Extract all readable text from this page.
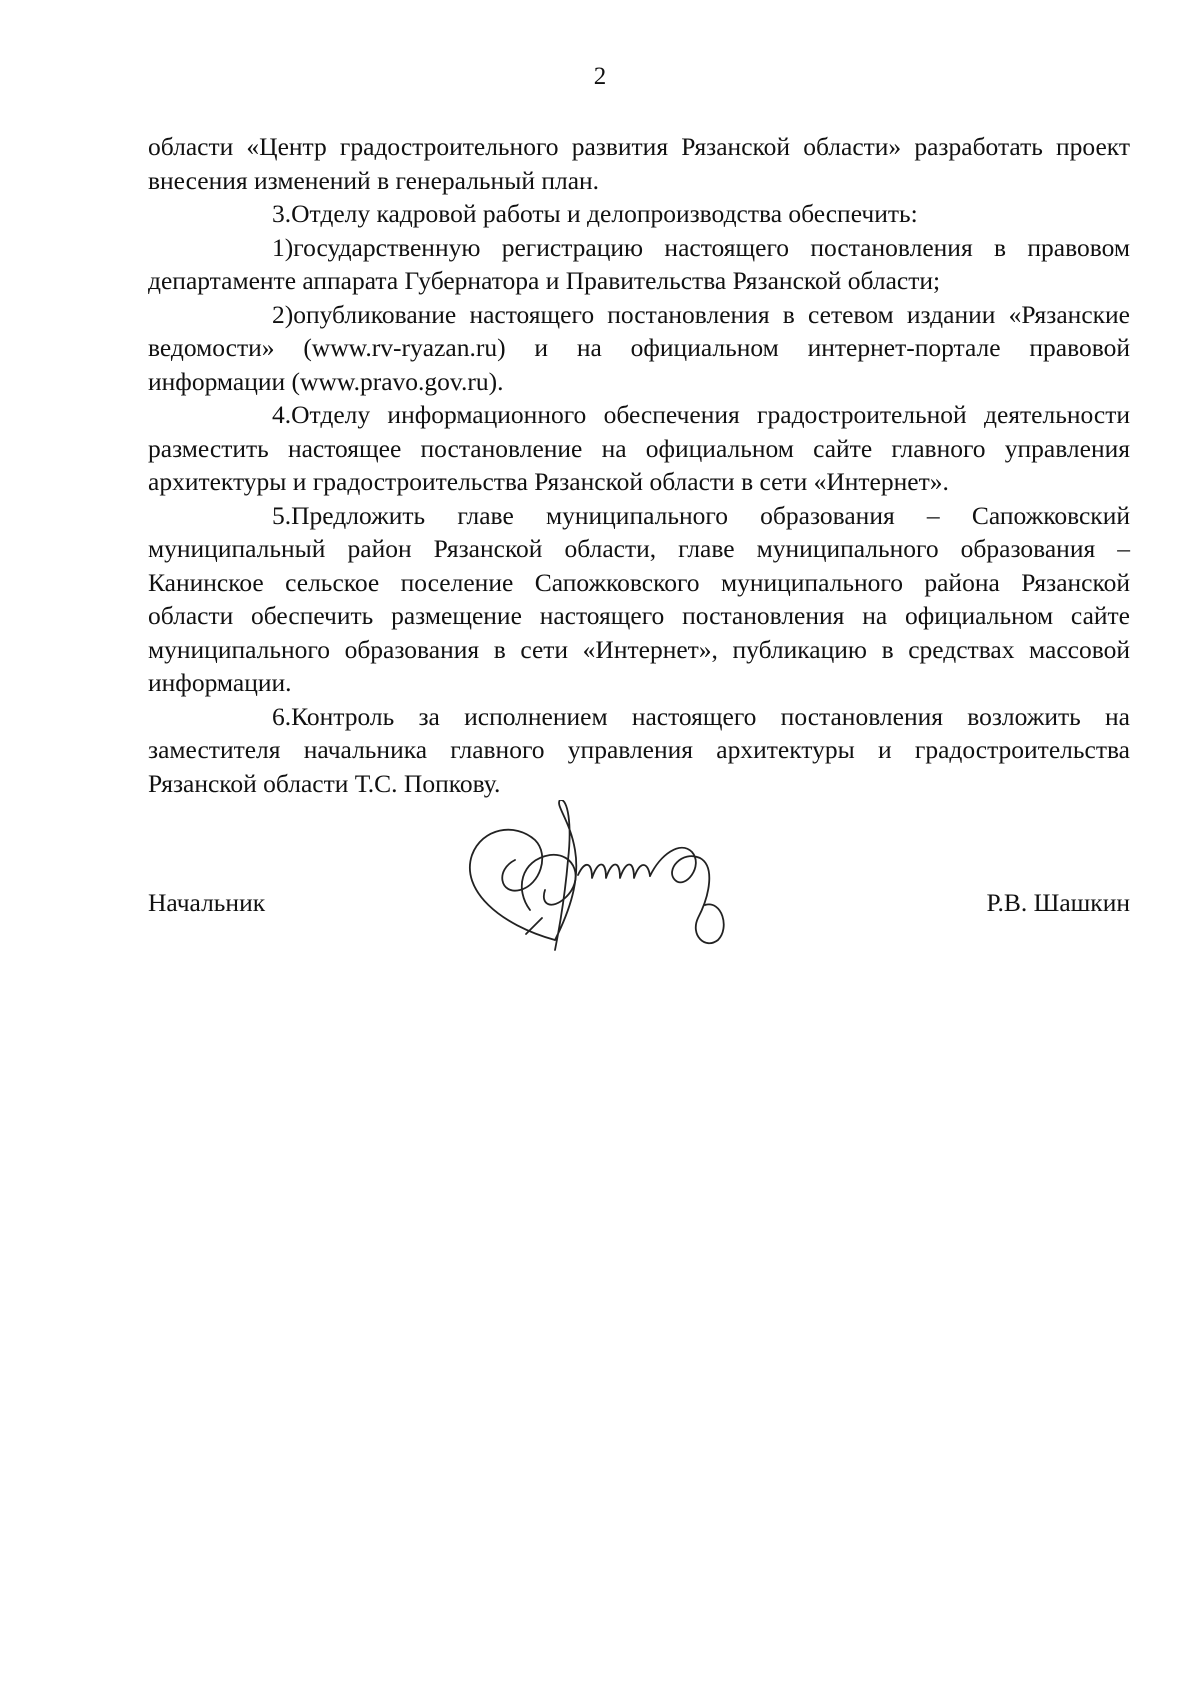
2

области «Центр градостроительного развития Рязанской области» разработать проект внесения изменений в генеральный план.

3.Отделу кадровой работы и делопроизводства обеспечить:

1)государственную регистрацию настоящего постановления в правовом департаменте аппарата Губернатора и Правительства Рязанской области;

2)опубликование настоящего постановления в сетевом издании «Рязанские ведомости» (www.rv-ryazan.ru) и на официальном интернет-портале правовой информации (www.pravo.gov.ru).

4.Отделу информационного обеспечения градостроительной деятельности разместить настоящее постановление на официальном сайте главного управления архитектуры и градостроительства Рязанской области в сети «Интернет».

5.Предложить главе муниципального образования – Сапожковский муниципальный район Рязанской области, главе муниципального образования – Канинское сельское поселение Сапожковского муниципального района Рязанской области обеспечить размещение настоящего постановления на официальном сайте муниципального образования в сети «Интернет», публикацию в средствах массовой информации.

6.Контроль за исполнением настоящего постановления возложить на заместителя начальника главного управления архитектуры и градостроительства Рязанской области Т.С. Попкову.

Начальник	Р.В. Шашкин
